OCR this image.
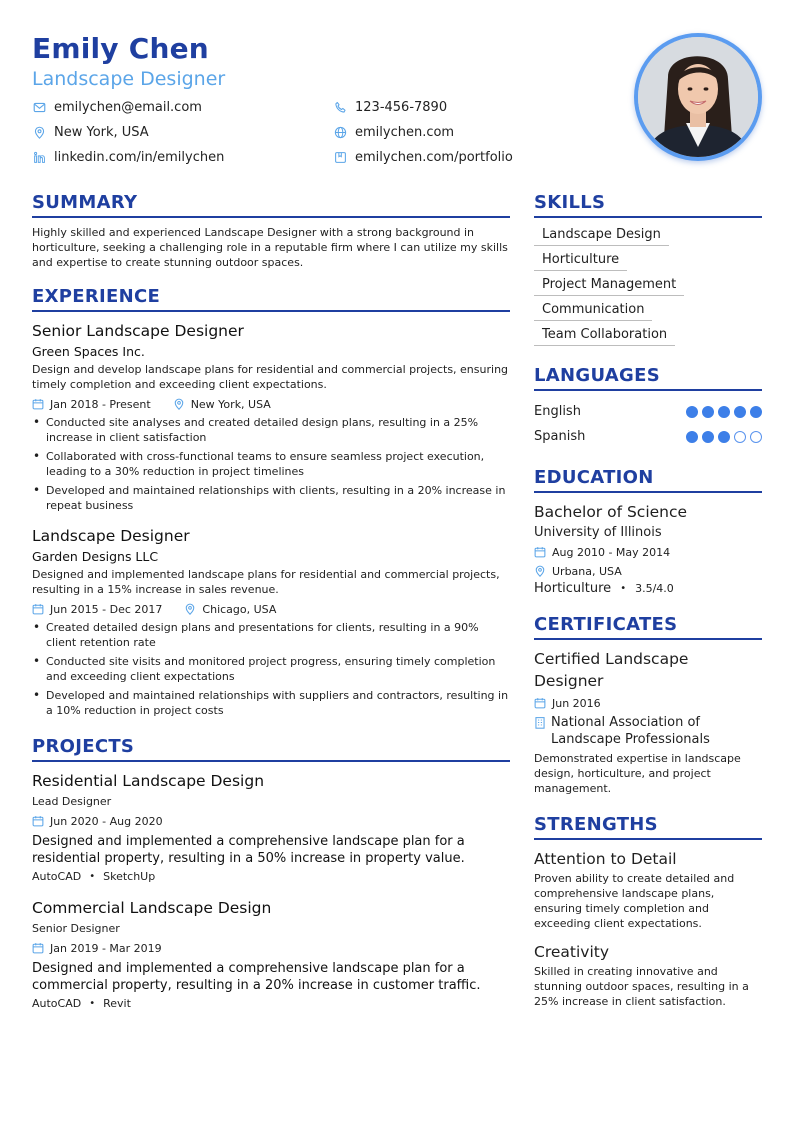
Emily Chen
Landscape Designer
emilychen@email.com	123-456-7890
New York, USA	emilychen.com
linkedin.com/in/emilychen	emilychen.com/portfolio
SUMMARY

Highly skilled and experienced Landscape Designer with a strong background in horticulture, seeking a challenging role in a reputable firm where I can utilize my skills and expertise to create stunning outdoor spaces.

EXPERIENCE
Senior Landscape Designer
Green Spaces Inc.

Design and develop landscape plans for residential and commercial projects, ensuring timely completion and exceeding client expectations.

Jan 2018 - Present	New York, USA
• Conducted site analyses and created detailed design plans, resulting in a 25% increase in client satisfaction
• Collaborated with cross-functional teams to ensure seamless project execution, leading to a 30% reduction in project timelines
• Developed and maintained relationships with clients, resulting in a 20% increase in repeat business
Landscape Designer
Garden Designs LLC

Designed and implemented landscape plans for residential and commercial projects, resulting in a 15% increase in sales revenue.

Jun 2015 - Dec 2017	Chicago, USA
• Created detailed design plans and presentations for clients, resulting in a 90% client retention rate
• Conducted site visits and monitored project progress, ensuring timely completion and exceeding client expectations
• Developed and maintained relationships with suppliers and contractors, resulting in a 10% reduction in project costs
PROJECTS
Residential Landscape Design
Lead Designer
Jun 2020 - Aug 2020

Designed and implemented a comprehensive landscape plan for a residential property, resulting in a 50% increase in property value.

AutoCAD • SketchUp
Commercial Landscape Design
Senior Designer
Jan 2019 - Mar 2019

Designed and implemented a comprehensive landscape plan for a commercial property, resulting in a 20% increase in customer traffic.

AutoCAD • Revit
SKILLS
Landscape Design
Horticulture
Project Management
Communication
Team Collaboration
LANGUAGES
English
Spanish
EDUCATION
Bachelor of Science
University of Illinois
Aug 2010 - May 2014
Urbana, USA
Horticulture • 3.5/4.0
CERTIFICATES
Certified Landscape Designer
Jun 2016
National Association of Landscape Professionals

Demonstrated expertise in landscape design, horticulture, and project management.

STRENGTHS
Attention to Detail

Proven ability to create detailed and comprehensive landscape plans, ensuring timely completion and exceeding client expectations.

Creativity

Skilled in creating innovative and stunning outdoor spaces, resulting in a 25% increase in client satisfaction.
